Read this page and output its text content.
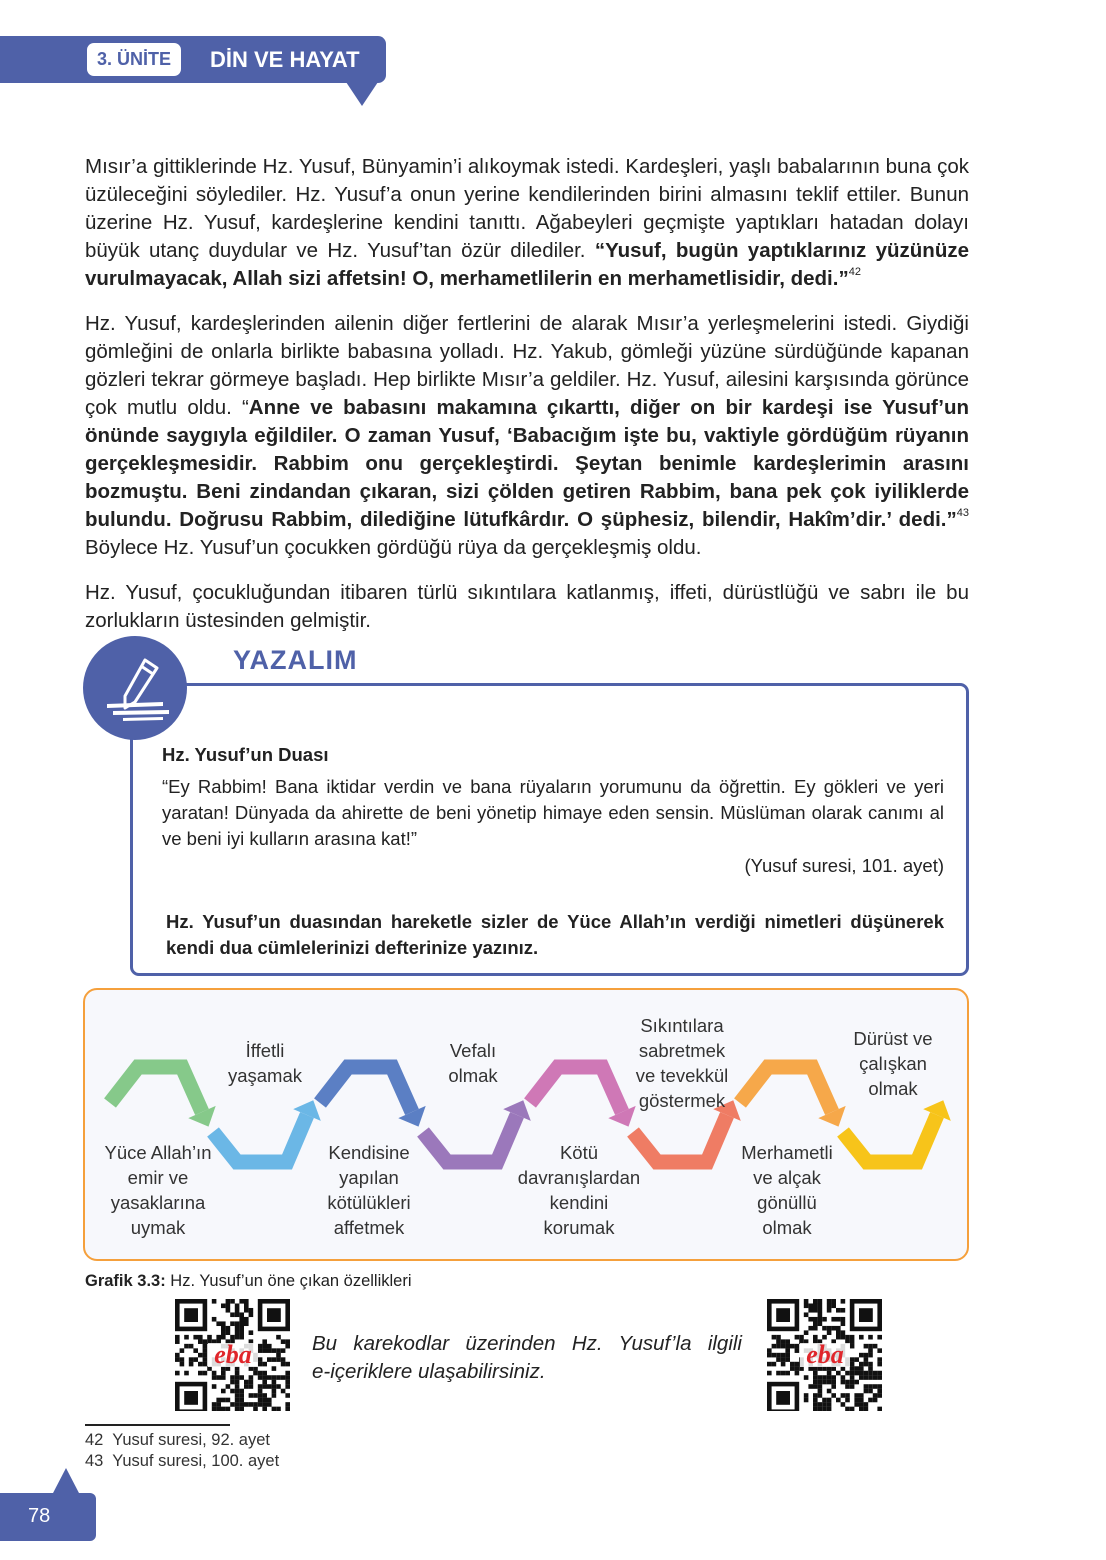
3. ÜNİTE	DİN VE HAYAT
Mısır’a gittiklerinde Hz. Yusuf, Bünyamin’i alıkoymak istedi. Kardeşleri, yaşlı babalarının buna çok üzüleceğini söylediler. Hz. Yusuf’a onun yerine kendilerinden birini almasını teklif ettiler. Bunun üzerine Hz. Yusuf, kardeşlerine kendini tanıttı. Ağabeyleri geçmişte yaptıkları hatadan dolayı büyük utanç duydular ve Hz. Yusuf’tan özür dilediler. “Yusuf, bugün yaptıklarınız yüzünüze vurulmayacak, Allah sizi affetsin! O, merhametlilerin en merhametlisidir, dedi.”$^{42}$
Hz. Yusuf, kardeşlerinden ailenin diğer fertlerini de alarak Mısır’a yerleşmelerini istedi. Giydiği gömleğini de onlarla birlikte babasına yolladı. Hz. Yakub, gömleği yüzüne sürdüğünde kapanan gözleri tekrar görmeye başladı. Hep birlikte Mısır’a geldiler. Hz. Yusuf, ailesini karşısında görünce çok mutlu oldu. “Anne ve babasını makamına çıkarttı, diğer on bir kardeşi ise Yusuf’un önünde saygıyla eğildiler. O zaman Yusuf, ‘Babacığım işte bu, vaktiyle gördüğüm rüyanın gerçekleşmesidir. Rabbim onu gerçekleştirdi. Şeytan benimle kardeşlerimin arasını bozmuştu. Beni zindandan çıkaran, sizi çölden getiren Rabbim, bana pek çok iyiliklerde bulundu. Doğrusu Rabbim, dilediğine lütufkârdır. O şüphesiz, bilendir, Hakîm’dir.’ dedi.”$^{43}$ Böylece Hz. Yusuf’un çocukken gördüğü rüya da gerçekleşmiş oldu.
Hz. Yusuf, çocukluğundan itibaren türlü sıkıntılara katlanmış, iffeti, dürüstlüğü ve sabrı ile bu zorlukların üstesinden gelmiştir.
YAZALIM
Hz. Yusuf’un Duası
“Ey Rabbim! Bana iktidar verdin ve bana rüyaların yorumunu da öğrettin. Ey gökleri ve yeri yaratan! Dünyada da ahirette de beni yönetip himaye eden sensin. Müslüman olarak canımı al ve beni iyi kulların arasına kat!”
(Yusuf suresi, 101. ayet)
Hz. Yusuf’un duasından hareketle sizler de Yüce Allah’ın verdiği nimetleri düşünerek kendi dua cümlelerinizi defterinize yazınız.
İffetli
yaşamak
Vefalı
olmak
Sıkıntılara
sabretmek
ve tevekkül
göstermek
Dürüst ve
çalışkan
olmak
Yüce Allah’ın
emir ve
yasaklarına
uymak
Kendisine
yapılan
kötülükleri
affetmek
Kötü
davranışlardan
kendini
korumak
Merhametli
ve alçak
gönüllü
olmak
Grafik 3.3: Hz. Yusuf’un öne çıkan özellikleri
eba	eba
Bu karekodlar üzerinden Hz. Yusuf’la ilgili
e-içeriklere ulaşabilirsiniz.
42 Yusuf suresi, 92. ayet
43 Yusuf suresi, 100. ayet
78
